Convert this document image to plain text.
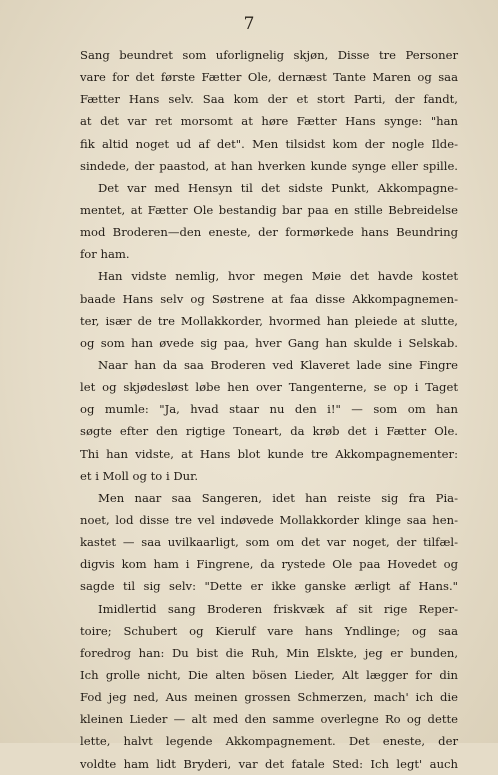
7
Sang beundret som uforlignelig skjøn, Disse tre Personer
vare for det første Fætter Ole, dernæst Tante Maren og saa
Fætter Hans selv. Saa kom der et stort Parti, der fandt,
at det var ret morsomt at høre Fætter Hans synge: "han
fik altid noget ud af det". Men tilsidst kom der nogle Ilde-
sindede, der paastod, at han hverken kunde synge eller spille.
Det var med Hensyn til det sidste Punkt, Akkompagne-
mentet, at Fætter Ole bestandig bar paa en stille Bebreidelse
mod Broderen—den eneste, der formørkede hans Beundring
for ham.
Han vidste nemlig, hvor megen Møie det havde kostet
baade Hans selv og Søstrene at faa disse Akkompagnemen-
ter, især de tre Mollakkorder, hvormed han pleiede at slutte,
og som han øvede sig paa, hver Gang han skulde i Selskab.
Naar han da saa Broderen ved Klaveret lade sine Fingre
let og skjødesløst løbe hen over Tangenterne, se op i Taget
og mumle: "Ja, hvad staar nu den i!" — som om han
søgte efter den rigtige Toneart, da krøb det i Fætter Ole.
Thi han vidste, at Hans blot kunde tre Akkompagnementer:
et i Moll og to i Dur.
Men naar saa Sangeren, idet han reiste sig fra Pia-
noet, lod disse tre vel indøvede Mollakkorder klinge saa hen-
kastet — saa uvilkaarligt, som om det var noget, der tilfæl-
digvis kom ham i Fingrene, da rystede Ole paa Hovedet og
sagde til sig selv: "Dette er ikke ganske ærligt af Hans."
Imidlertid sang Broderen friskvæk af sit rige Reper-
toire; Schubert og Kierulf vare hans Yndlinge; og saa
foredrog han: Du bist die Ruh, Min Elskte, jeg er bunden,
Ich grolle nicht, Die alten bösen Lieder, Alt lægger for din
Fod jeg ned, Aus meinen grossen Schmerzen, mach' ich die
kleinen Lieder — alt med den samme overlegne Ro og dette
lette, halvt legende Akkompagnement. Det eneste, der
voldte ham lidt Bryderi, var det fatale Sted: Ich legt' auch
